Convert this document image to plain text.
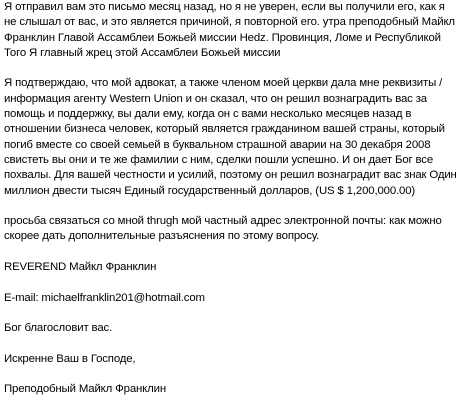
Я отправил вам это письмо месяц назад, но я не уверен, если вы получили его, как я не слышал от вас, и это является причиной, я повторной его. утра преподобный Майкл Франклин Главой Ассамблеи Божьей миссии Hedz. Провинция, Ломе и Республикой Того Я главный жрец этой Ассамблеи Божьей миссии

Я подтверждаю, что мой адвокат, а также членом моей церкви дала мне реквизиты / информация агенту Western Union и он сказал, что он решил вознаградить вас за помощь и поддержку, вы дали ему, когда он с вами несколько месяцев назад в отношении бизнеса человек, который является гражданином вашей страны, который погиб вместе со своей семьей в буквальном страшной аварии на 30 декабря 2008 свистеть вы они и те же фамилии с ним, сделки пошли успешно. И он дает Бог все похвалы. Для вашей честности и усилий, поэтому он решил вознаградит вас знак Один миллион двести тысяч Единый государственный долларов, (US $ 1,200,000.00)

просьба связаться со мной thrugh мой частный адрес электронной почты: как можно скорее дать дополнительные разъяснения по этому вопросу.

REVEREND Майкл Франклин

E-mail: michaelfranklin201@hotmail.com

Бог благословит вас.

Искренне Ваш в Господе,

Преподобный Майкл Франклин
